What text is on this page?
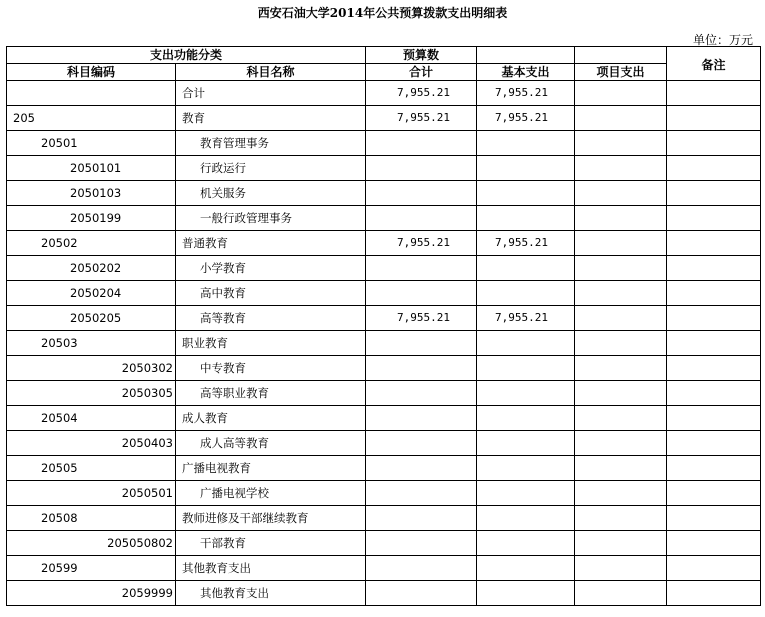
西安石油大学2014年公共预算拨款支出明细表
单位：万元
支出功能分类		预算数			备注
科目编码	科目名称	合计	基本支出	项目支出	
	合计	7,955.21	7,955.21		
205	教育	7,955.21	7,955.21		
20501	教育管理事务				
2050101	行政运行				
2050103	机关服务				
2050199	一般行政管理事务				
20502	普通教育	7,955.21	7,955.21		
2050202	小学教育				
2050204	高中教育				
2050205	高等教育	7,955.21	7,955.21		
20503	职业教育				
2050302	中专教育				
2050305	高等职业教育				
20504	成人教育				
2050403	成人高等教育				
20505	广播电视教育				
2050501	广播电视学校				
20508	教师进修及干部继续教育				
205050802	干部教育				
20599	其他教育支出				
2059999	其他教育支出				
